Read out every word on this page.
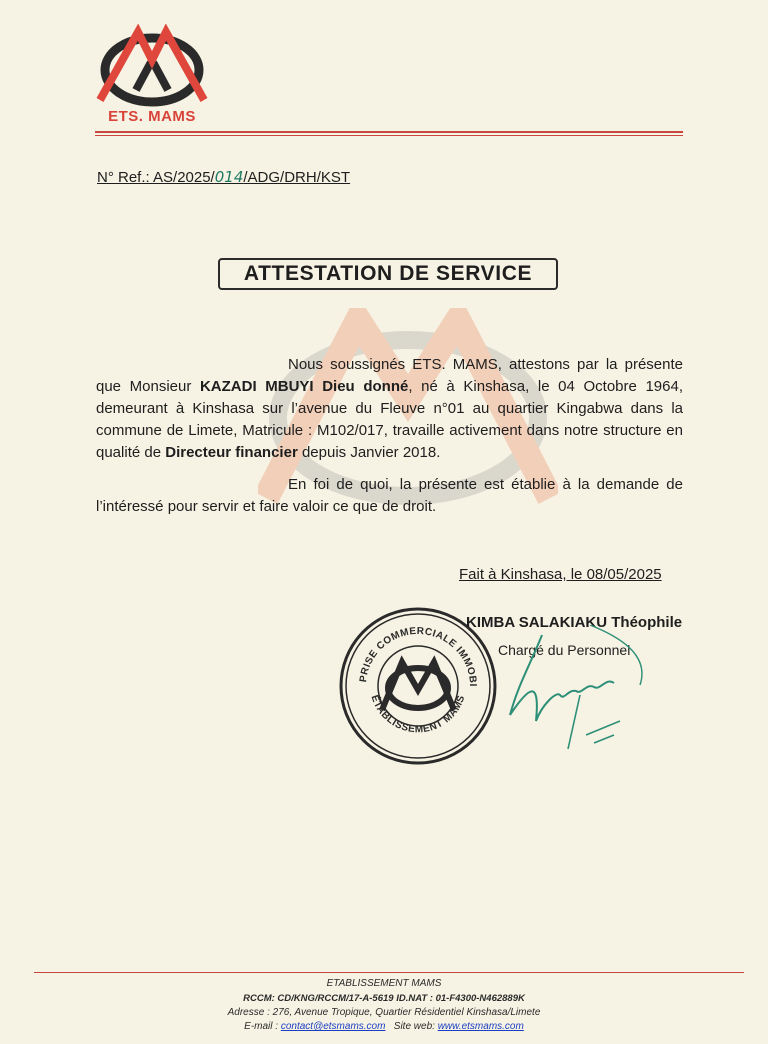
ETS. MAMS
N° Ref.: AS/2025/014/ADG/DRH/KST
ATTESTATION DE SERVICE
Nous soussignés ETS. MAMS, attestons par la présente que Monsieur KAZADI MBUYI Dieu donné, né à Kinshasa, le 04 Octobre 1964, demeurant à Kinshasa sur l’avenue du Fleuve n°01 au quartier Kingabwa dans la commune de Limete, Matricule : M102/017, travaille activement dans notre structure en qualité de Directeur financier depuis Janvier 2018.
En foi de quoi, la présente est établie à la demande de l’intéressé pour servir et faire valoir ce que de droit.
Fait à Kinshasa, le 08/05/2025
PRISE COMMERCIALE IMMOBI
ÉTABLISSEMENT MAMS
KIMBA SALAKIAKU Théophile
Chargé du Personnel
ETABLISSEMENT MAMS
RCCM: CD/KNG/RCCM/17-A-5619 ID.NAT : 01-F4300-N462889K
Adresse : 276, Avenue Tropique, Quartier Résidentiel Kinshasa/Limete
E-mail : contact@etsmams.com   Site web: www.etsmams.com
